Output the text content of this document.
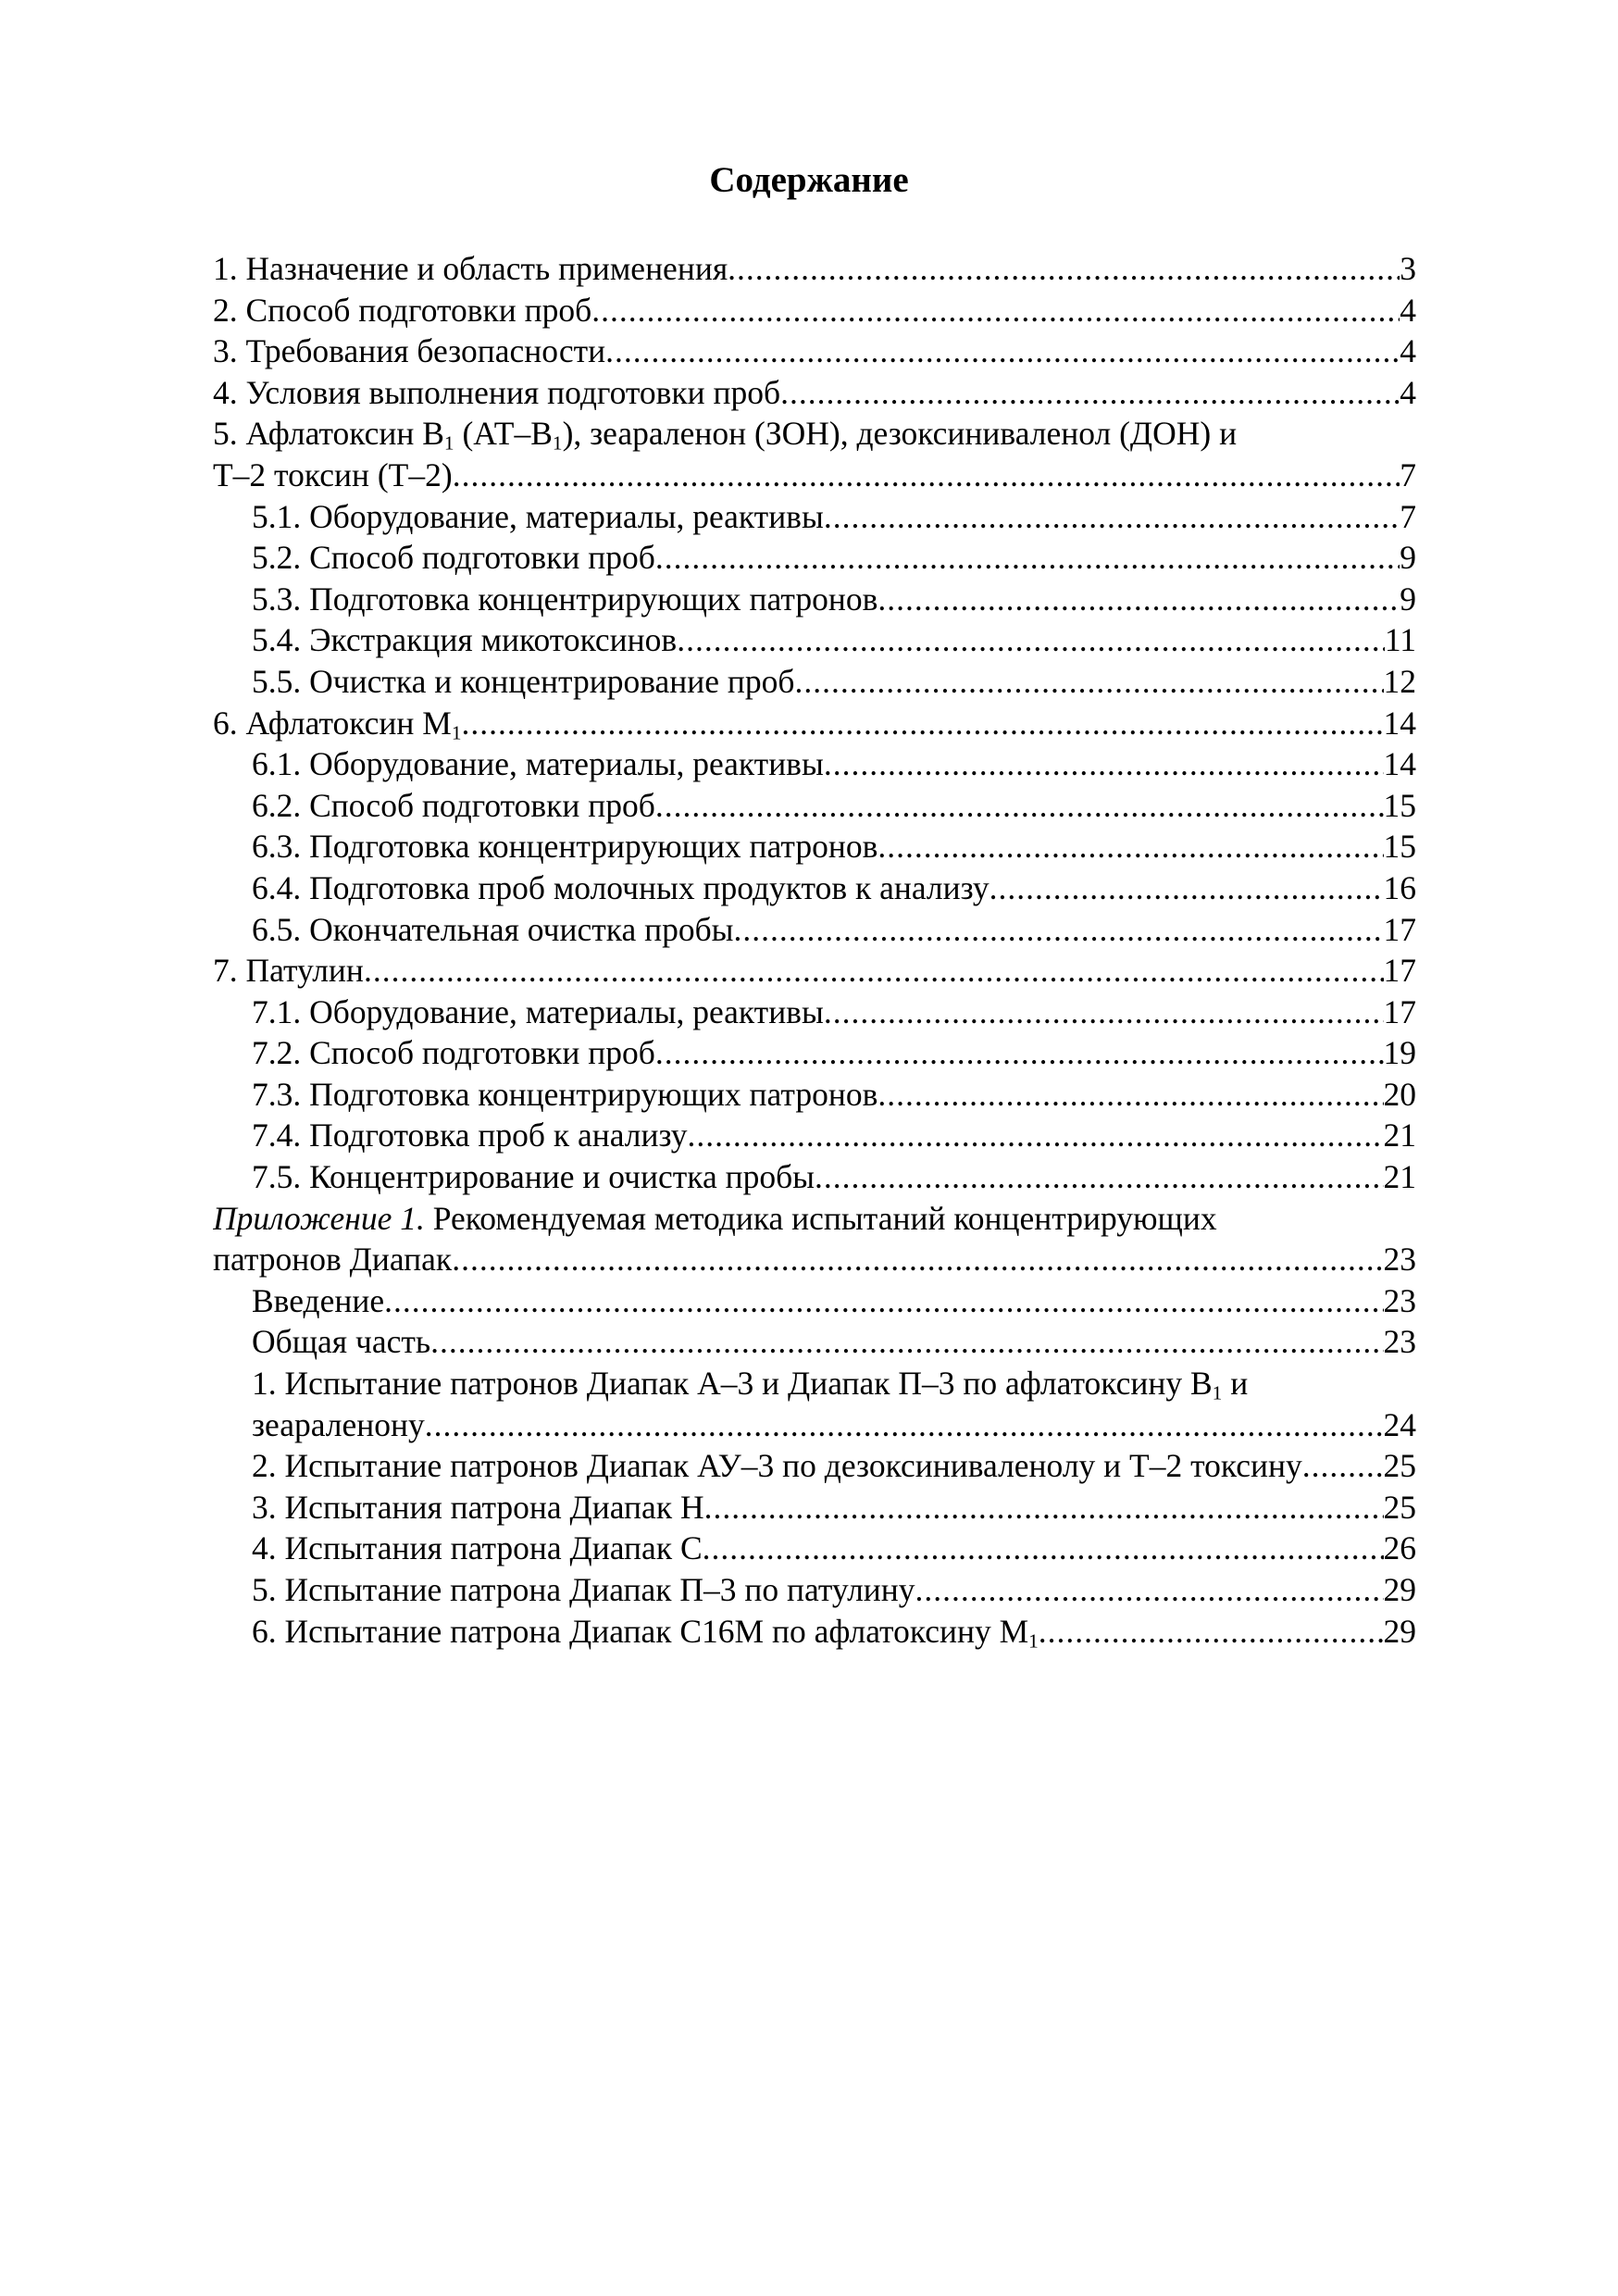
Содержание
1. Назначение и область применения .....	3
2. Способ подготовки проб .....	4
3. Требования безопасности .....	4
4. Условия выполнения подготовки проб .....	4
5. Афлатоксин $В_1$ $(АТ-В_1)$, зеараленон (ЗОН), дезоксиниваленол (ДОН) и
Т–2 токсин (Т–2) .....	7
5.1. Оборудование, материалы, реактивы .....	7
5.2. Способ подготовки проб .....	9
5.3. Подготовка концентрирующих патронов .....	9
5.4. Экстракция микотоксинов .....	11
5.5. Очистка и концентрирование проб .....	12
6. Афлатоксин $М_1$ .....	14
6.1. Оборудование, материалы, реактивы .....	14
6.2. Способ подготовки проб .....	15
6.3. Подготовка концентрирующих патронов .....	15
6.4. Подготовка проб молочных продуктов к анализу .....	16
6.5. Окончательная очистка пробы .....	17
7. Патулин .....	17
7.1. Оборудование, материалы, реактивы .....	17
7.2. Способ подготовки проб .....	19
7.3. Подготовка концентрирующих патронов .....	20
7.4. Подготовка проб к анализу .....	21
7.5. Концентрирование и очистка пробы .....	21
Приложение 1. Рекомендуемая методика испытаний концентрирующих
патронов Диапак .....	23
Введение .....	23
Общая часть .....	23
1. Испытание патронов Диапак А–3 и Диапак П–3 по афлатоксину $В_1$ и
зеараленону .....	24
2. Испытание патронов Диапак АУ–3 по дезоксиниваленолу и Т–2 токсину ..... 25
3. Испытания патрона Диапак Н .....	25
4. Испытания патрона Диапак С .....	26
5. Испытание патрона Диапак П–3 по патулину .....	29
6. Испытание патрона Диапак С16М по афлатоксину $М_1$ .....	29
